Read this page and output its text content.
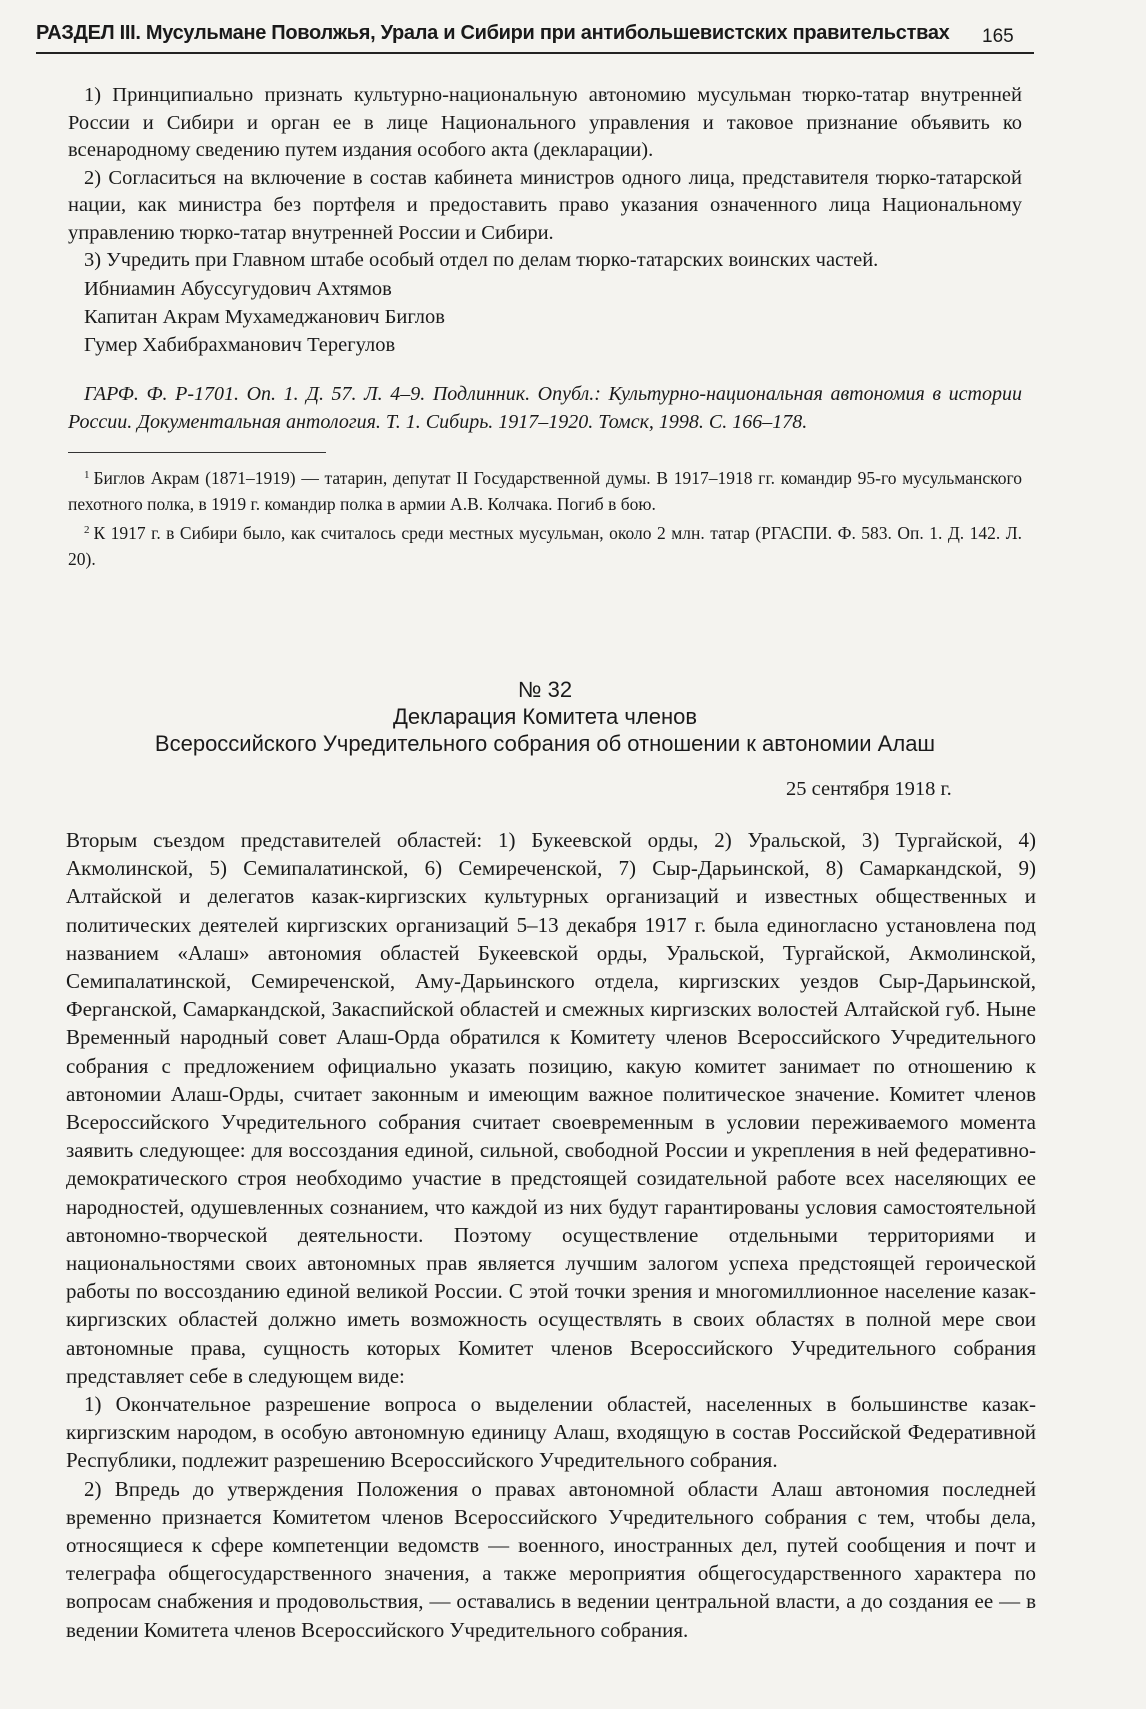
РАЗДЕЛ III. Мусульмане Поволжья, Урала и Сибири при антибольшевистских правительствах	165

1) Принципиально признать культурно-национальную автономию мусульман тюрко-татар внутренней России и Сибири и орган ее в лице Национального управления и таковое признание объявить ко всенародному сведению путем издания особого акта (декларации).

2) Согласиться на включение в состав кабинета министров одного лица, представителя тюрко-татарской нации, как министра без портфеля и предоставить право указания означенного лица Национальному управлению тюрко-татар внутренней России и Сибири.

3) Учредить при Главном штабе особый отдел по делам тюрко-татарских воинских частей.

Ибниамин Абуссугудович Ахтямов
Капитан Акрам Мухамеджанович Биглов
Гумер Хабибрахманович Терегулов
ГАРФ. Ф. Р-1701. Оп. 1. Д. 57. Л. 4–9. Подлинник. Опубл.: Культурно-национальная автономия в истории России. Документальная антология. Т. 1. Сибирь. 1917–1920. Томск, 1998. С. 166–178.

$^1$ Биглов Акрам (1871–1919) — татарин, депутат II Государственной думы. В 1917–1918 гг. командир 95-го мусульманского пехотного полка, в 1919 г. командир полка в армии А.В. Колчака. Погиб в бою.

$^2$ К 1917 г. в Сибири было, как считалось среди местных мусульман, около 2 млн. татар (РГАСПИ. Ф. 583. Оп. 1. Д. 142. Л. 20).

№ 32
Декларация Комитета членов
Всероссийского Учредительного собрания об отношении к автономии Алаш
25 сентября 1918 г.

Вторым съездом представителей областей: 1) Букеевской орды, 2) Уральской, 3) Тургайской, 4) Акмолинской, 5) Семипалатинской, 6) Семиреченской, 7) Сыр-Дарьинской, 8) Самаркандской, 9) Алтайской и делегатов казак-киргизских культурных организаций и известных общественных и политических деятелей киргизских организаций 5–13 декабря 1917 г. была единогласно установлена под названием «Алаш» автономия областей Букеевской орды, Уральской, Тургайской, Акмолинской, Семипалатинской, Семиреченской, Аму-Дарьинского отдела, киргизских уездов Сыр-Дарьинской, Ферганской, Самаркандской, Закаспийской областей и смежных киргизских волостей Алтайской губ. Ныне Временный народный совет Алаш-Орда обратился к Комитету членов Всероссийского Учредительного собрания с предложением официально указать позицию, какую комитет занимает по отношению к автономии Алаш-Орды, считает законным и имеющим важное политическое значение. Комитет членов Всероссийского Учредительного собрания считает своевременным в условии переживаемого момента заявить следующее: для воссоздания единой, сильной, свободной России и укрепления в ней федеративно-демократического строя необходимо участие в предстоящей созидательной работе всех населяющих ее народностей, одушевленных сознанием, что каждой из них будут гарантированы условия самостоятельной автономно-творческой деятельности. Поэтому осуществление отдельными территориями и национальностями своих автономных прав является лучшим залогом успеха предстоящей героической работы по воссозданию единой великой России. С этой точки зрения и многомиллионное население казак-киргизских областей должно иметь возможность осуществлять в своих областях в полной мере свои автономные права, сущность которых Комитет членов Всероссийского Учредительного собрания представляет себе в следующем виде:

1) Окончательное разрешение вопроса о выделении областей, населенных в большинстве казак-киргизским народом, в особую автономную единицу Алаш, входящую в состав Российской Федеративной Республики, подлежит разрешению Всероссийского Учредительного собрания.

2) Впредь до утверждения Положения о правах автономной области Алаш автономия последней временно признается Комитетом членов Всероссийского Учредительного собрания с тем, чтобы дела, относящиеся к сфере компетенции ведомств — военного, иностранных дел, путей сообщения и почт и телеграфа общегосударственного значения, а также мероприятия общегосударственного характера по вопросам снабжения и продовольствия, — оставались в ведении центральной власти, а до создания ее — в ведении Комитета членов Всероссийского Учредительного собрания.
